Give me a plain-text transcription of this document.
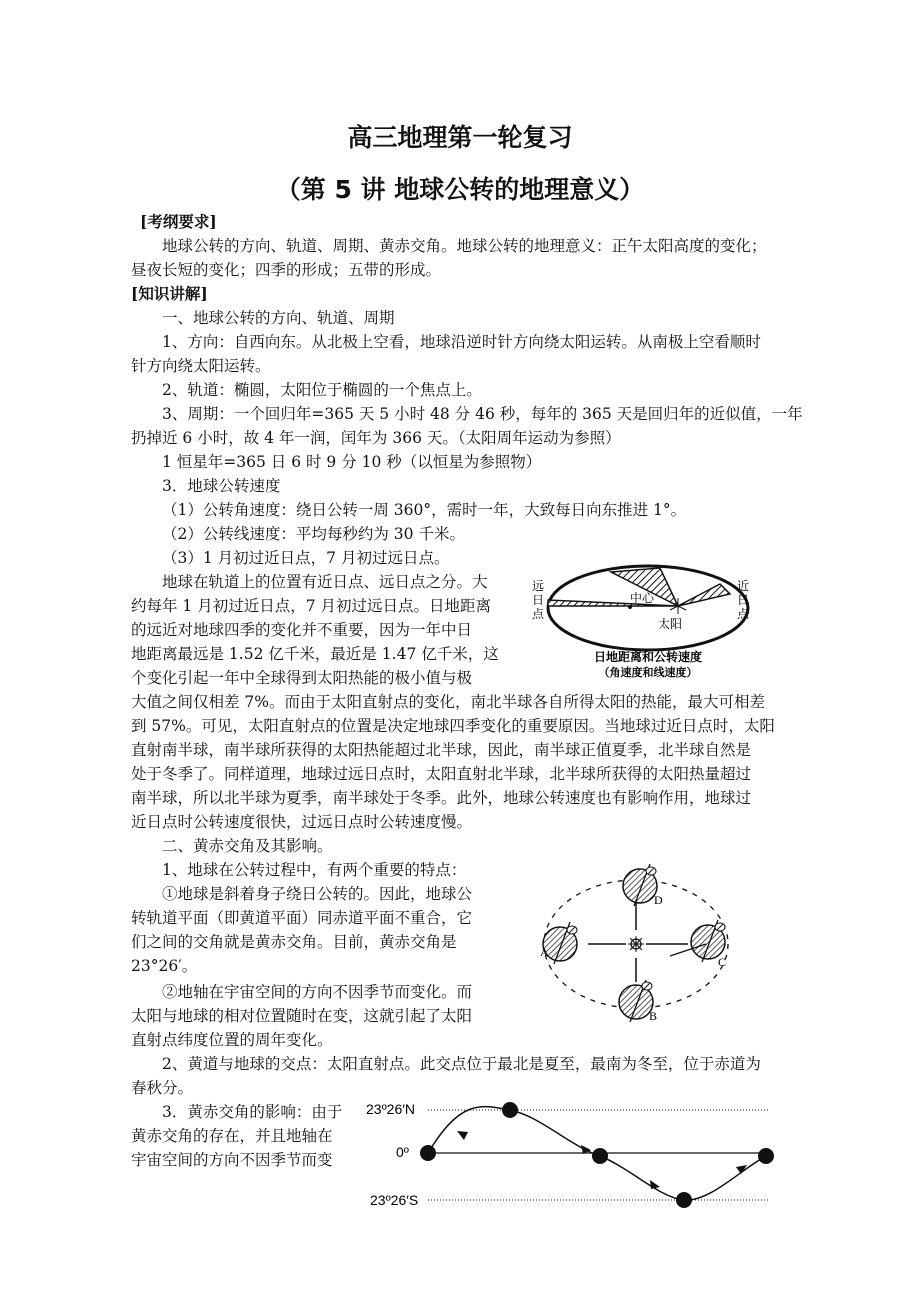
高三地理第一轮复习
（第 5 讲 地球公转的地理意义）
[考纲要求]
地球公转的方向、轨道、周期、黄赤交角。地球公转的地理意义：正午太阳高度的变化；
昼夜长短的变化；四季的形成；五带的形成。
[知识讲解]
一、地球公转的方向、轨道、周期
1、方向：自西向东。从北极上空看，地球沿逆时针方向绕太阳运转。从南极上空看顺时
针方向绕太阳运转。
2、轨道：椭圆，太阳位于椭圆的一个焦点上。
3、周期：一个回归年=365 天 5 小时 48 分 46 秒，每年的 365 天是回归年的近似值，一年
扔掉近 6 小时，故 4 年一润，闰年为 366 天。（太阳周年运动为参照）
1 恒星年=365 日 6 时 9 分 10 秒（以恒星为参照物）
3．地球公转速度
（1）公转角速度：绕日公转一周 360°，需时一年，大致每日向东推进 1°。
（2）公转线速度：平均每秒约为 30 千米。
（3）1 月初过近日点，7 月初过远日点。
地球在轨道上的位置有近日点、远日点之分。大
约每年 1 月初过近日点，7 月初过远日点。日地距离
的远近对地球四季的变化并不重要，因为一年中日
地距离最远是 1.52 亿千米，最近是 1.47 亿千米，这
个变化引起一年中全球得到太阳热能的极小值与极
大值之间仅相差 7%。而由于太阳直射点的变化，南北半球各自所得太阳的热能，最大可相差
到 57%。可见，太阳直射点的位置是决定地球四季变化的重要原因。当地球过近日点时，太阳
直射南半球，南半球所获得的太阳热能超过北半球，因此，南半球正值夏季，北半球自然是
处于冬季了。同样道理，地球过远日点时，太阳直射北半球，北半球所获得的太阳热量超过
南半球，所以北半球为夏季，南半球处于冬季。此外，地球公转速度也有影响作用，地球过
近日点时公转速度很快，过远日点时公转速度慢。
二、黄赤交角及其影响。
1、地球在公转过程中，有两个重要的特点：
①地球是斜着身子绕日公转的。因此，地球公
转轨道平面（即黄道平面）同赤道平面不重合，它
们之间的交角就是黄赤交角。目前，黄赤交角是
23°26′。
②地轴在宇宙空间的方向不因季节而变化。而
太阳与地球的相对位置随时在变，这就引起了太阳
直射点纬度位置的周年变化。
2、黄道与地球的交点：太阳直射点。此交点位于最北是夏至，最南为冬至，位于赤道为
春秋分。
3．黄赤交角的影响：由于
黄赤交角的存在，并且地轴在
宇宙空间的方向不因季节而变
中心
太阳
远
日
点
近
日
点
日地距离和公转速度
（角速度和线速度）
A
D
C
B
23º26′N
0º
23º26′S
